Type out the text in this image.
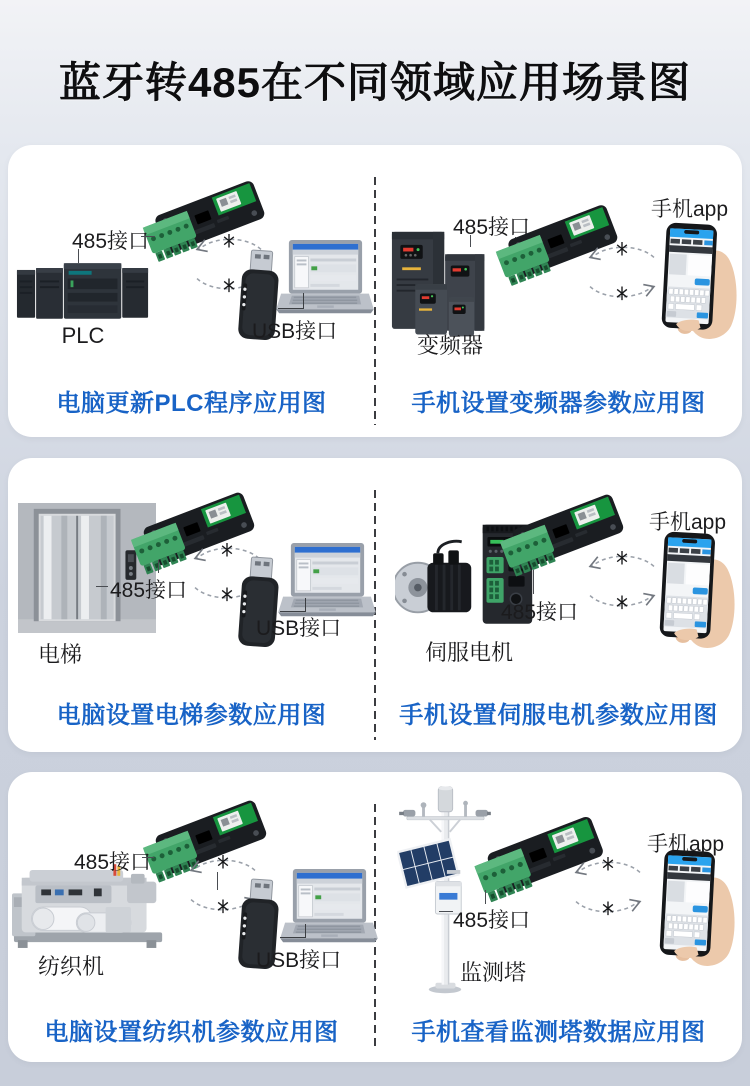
蓝牙转485在不同领域应用场景图
PLC
485接口
USB接口
电脑更新PLC程序应用图
变频器
485接口
手机app
手机设置变频器参数应用图
电梯
485接口
USB接口
电脑设置电梯参数应用图
伺服电机
485接口
手机app
手机设置伺服电机参数应用图
纺织机
485接口
USB接口
电脑设置纺织机参数应用图
监测塔
485接口
手机app
手机查看监测塔数据应用图
